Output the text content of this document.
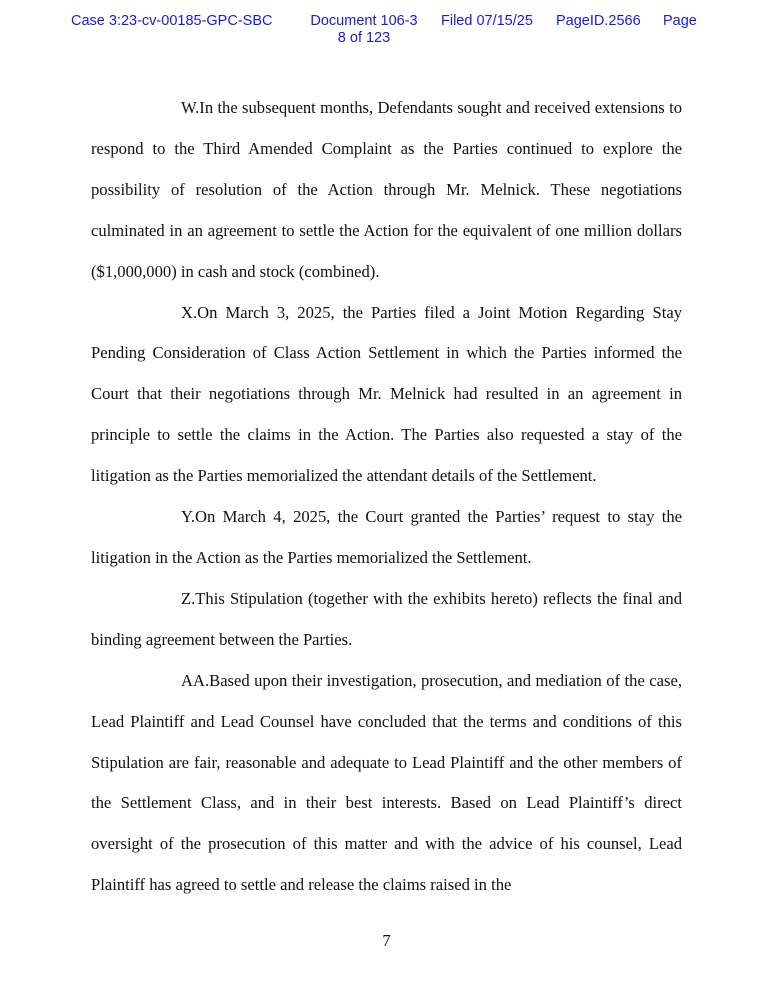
Case 3:23-cv-00185-GPC-SBC	Document 106-3
8 of 123
Filed 07/15/25 PageID.2566 Page

W.In the subsequent months, Defendants sought and received extensions to respond to the Third Amended Complaint as the Parties continued to explore the possibility of resolution of the Action through Mr. Melnick. These negotiations culminated in an agreement to settle the Action for the equivalent of one million dollars ($1,000,000) in cash and stock (combined).

X.On March 3, 2025, the Parties filed a Joint Motion Regarding Stay Pending Consideration of Class Action Settlement in which the Parties informed the Court that their negotiations through Mr. Melnick had resulted in an agreement in principle to settle the claims in the Action. The Parties also requested a stay of the litigation as the Parties memorialized the attendant details of the Settlement.

Y.On March 4, 2025, the Court granted the Parties’ request to stay the litigation in the Action as the Parties memorialized the Settlement.

Z.This Stipulation (together with the exhibits hereto) reflects the final and binding agreement between the Parties.

AA.Based upon their investigation, prosecution, and mediation of the case, Lead Plaintiff and Lead Counsel have concluded that the terms and conditions of this Stipulation are fair, reasonable and adequate to Lead Plaintiff and the other members of the Settlement Class, and in their best interests. Based on Lead Plaintiff’s direct oversight of the prosecution of this matter and with the advice of his counsel, Lead Plaintiff has agreed to settle and release the claims raised in the

7
